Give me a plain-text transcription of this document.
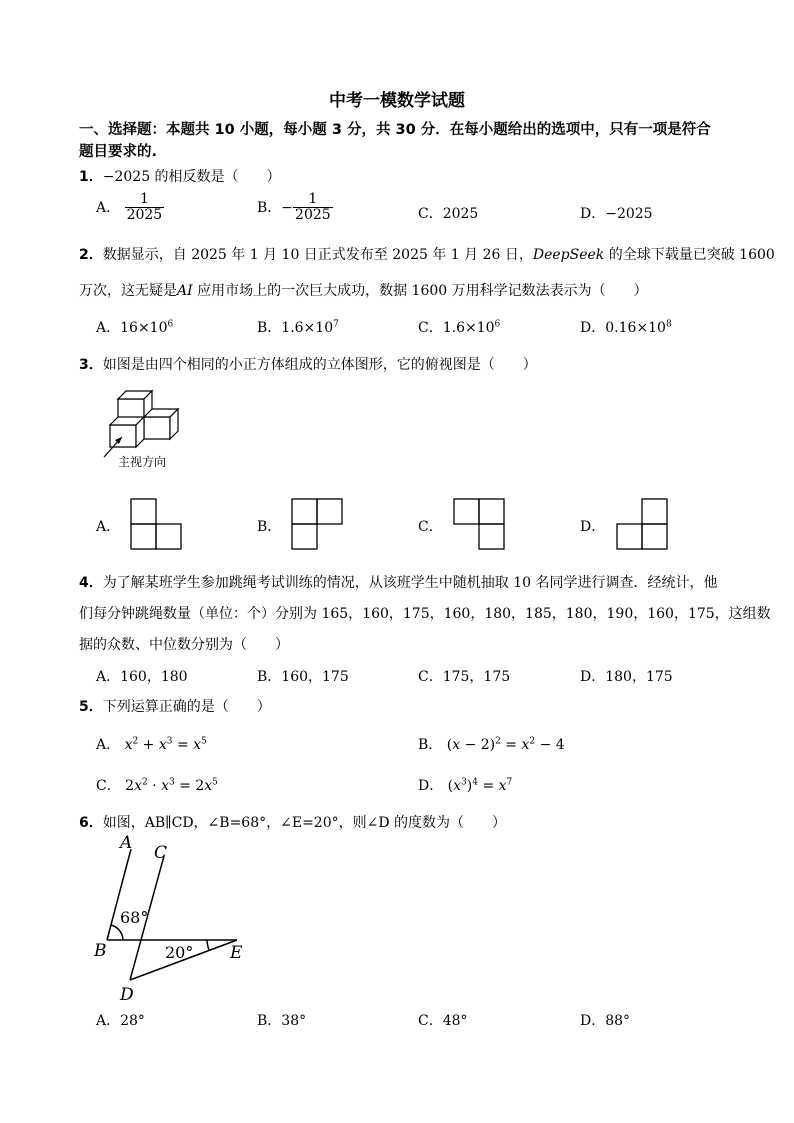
中考一模数学试题
一、选择题：本题共 10 小题，每小题 3 分，共 30 分．在每小题给出的选项中，只有一项是符合
题目要求的.
1．−2025 的相反数是（　　）
A． $\frac{1}{2025}$	B．− $\frac{1}{2025}$	C．2025	D．−2025
2．数据显示，自 2025 年 1 月 10 日正式发布至 2025 年 1 月 26 日，DeepSeek 的全球下载量已突破 1600
万次，这无疑是AI 应用市场上的一次巨大成功，数据 1600 万用科学记数法表示为（　　）
A．$16\times 10^6$	B．$1.6\times 10^7$	C．$1.6\times 10^6$	D．$0.16\times 10^8$
3．如图是由四个相同的小正方体组成的立体图形，它的俯视图是（　　）
主视方向
A．	B．	C．	D．
4．为了解某班学生参加跳绳考试训练的情况，从该班学生中随机抽取 10 名同学进行调查．经统计，他
们每分钟跳绳数量（单位：个）分别为 165，160，175，160，180，185，180，190，160，175，这组数
据的众数、中位数分别为（　　）
A．160，180	B．160，175	C．175，175	D．180，175
5．下列运算正确的是（　　）
A． $x^2 + x^3 = x^5$	B． $(x - 2)^2 = x^2 - 4$
C． $2x^2 \cdot x^3 = 2x^5$	D． $(x^3)^4 = x^7$
6．如图，AB∥CD，∠B=68°，∠E=20°，则∠D 的度数为（　　）
A C
B	E
D
68°
20°
A．28°	B．38°	C．48°	D．88°
